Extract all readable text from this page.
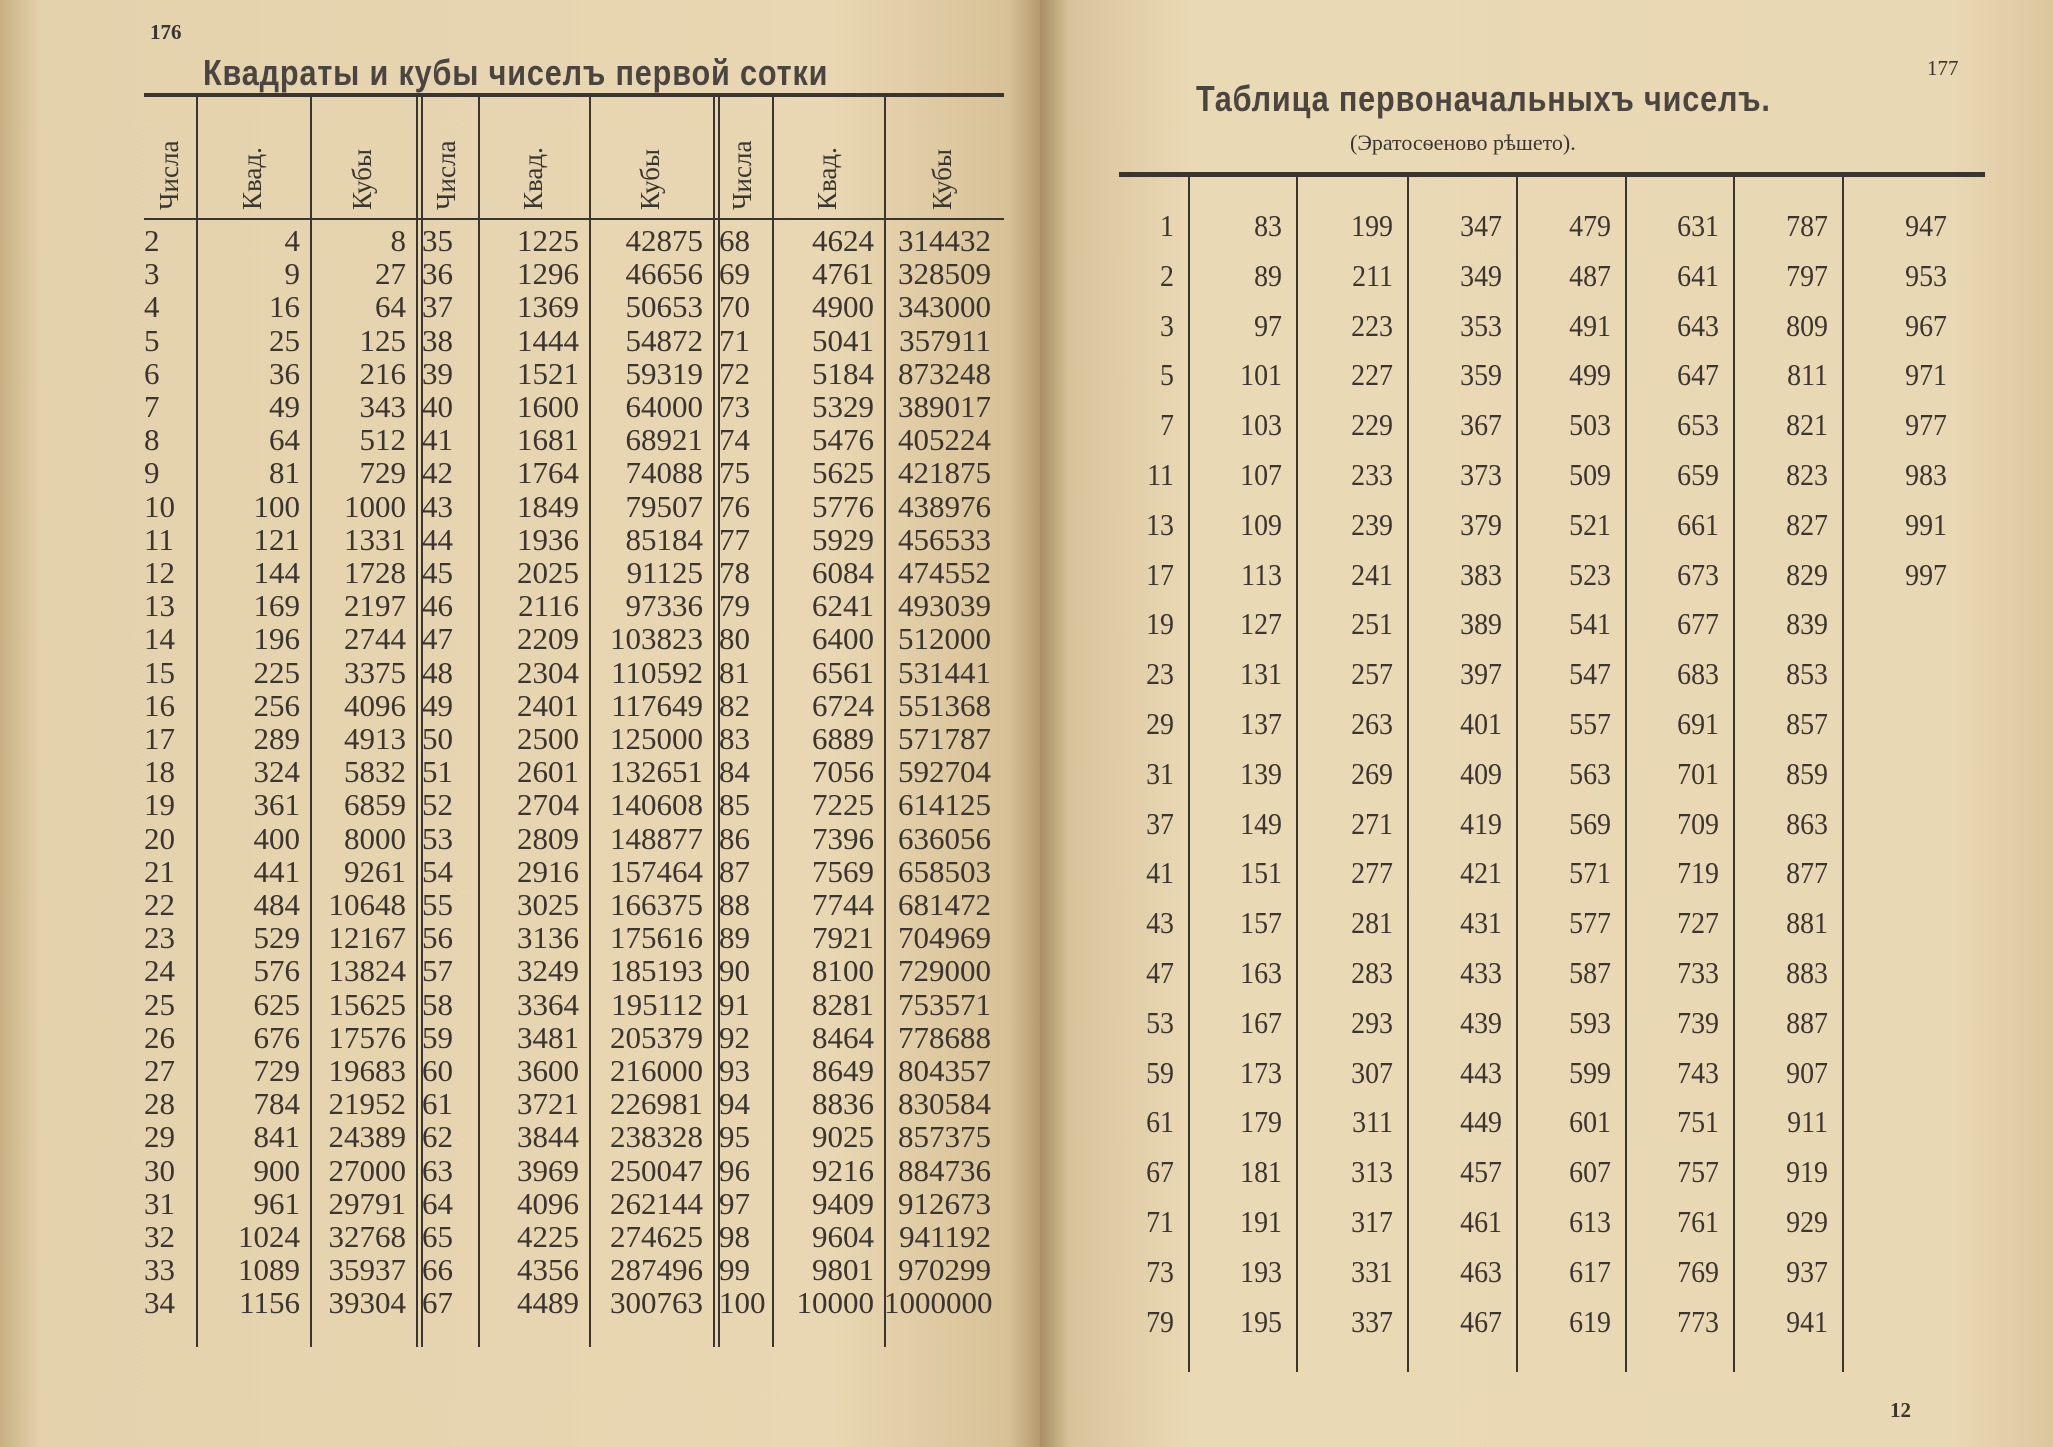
176
Квадраты и кубы чиселъ первой сотки
Числа
2
3
4
5
6
7
8
9
10
11
12
13
14
15
16
17
18
19
20
21
22
23
24
25
26
27
28
29
30
31
32
33
34
Квад.
4
9
16
25
36
49
64
81
100
121
144
169
196
225
256
289
324
361
400
441
484
529
576
625
676
729
784
841
900
961
1024
1089
1156
Кубы
8
27
64
125
216
343
512
729
1000
1331
1728
2197
2744
3375
4096
4913
5832
6859
8000
9261
10648
12167
13824
15625
17576
19683
21952
24389
27000
29791
32768
35937
39304
Числа
35
36
37
38
39
40
41
42
43
44
45
46
47
48
49
50
51
52
53
54
55
56
57
58
59
60
61
62
63
64
65
66
67
Квад.
1225
1296
1369
1444
1521
1600
1681
1764
1849
1936
2025
2116
2209
2304
2401
2500
2601
2704
2809
2916
3025
3136
3249
3364
3481
3600
3721
3844
3969
4096
4225
4356
4489
Кубы
42875
46656
50653
54872
59319
64000
68921
74088
79507
85184
91125
97336
103823
110592
117649
125000
132651
140608
148877
157464
166375
175616
185193
195112
205379
216000
226981
238328
250047
262144
274625
287496
300763
Числа
68
69
70
71
72
73
74
75
76
77
78
79
80
81
82
83
84
85
86
87
88
89
90
91
92
93
94
95
96
97
98
99
100
Квад.
4624
4761
4900
5041
5184
5329
5476
5625
5776
5929
6084
6241
6400
6561
6724
6889
7056
7225
7396
7569
7744
7921
8100
8281
8464
8649
8836
9025
9216
9409
9604
9801
10000
Кубы
314432
328509
343000
357911
873248
389017
405224
421875
438976
456533
474552
493039
512000
531441
551368
571787
592704
614125
636056
658503
681472
704969
729000
753571
778688
804357
830584
857375
884736
912673
941192
970299
1000000
177
Таблица первоначальныхъ чиселъ.
(Эратосѳеново рѣшето).
12
1
2
3
5
7
11
13
17
19
23
29
31
37
41
43
47
53
59
61
67
71
73
79
83
89
97
101
103
107
109
113
127
131
137
139
149
151
157
163
167
173
179
181
191
193
195
199
211
223
227
229
233
239
241
251
257
263
269
271
277
281
283
293
307
311
313
317
331
337
347
349
353
359
367
373
379
383
389
397
401
409
419
421
431
433
439
443
449
457
461
463
467
479
487
491
499
503
509
521
523
541
547
557
563
569
571
577
587
593
599
601
607
613
617
619
631
641
643
647
653
659
661
673
677
683
691
701
709
719
727
733
739
743
751
757
761
769
773
787
797
809
811
821
823
827
829
839
853
857
859
863
877
881
883
887
907
911
919
929
937
941
947
953
967
971
977
983
991
997
